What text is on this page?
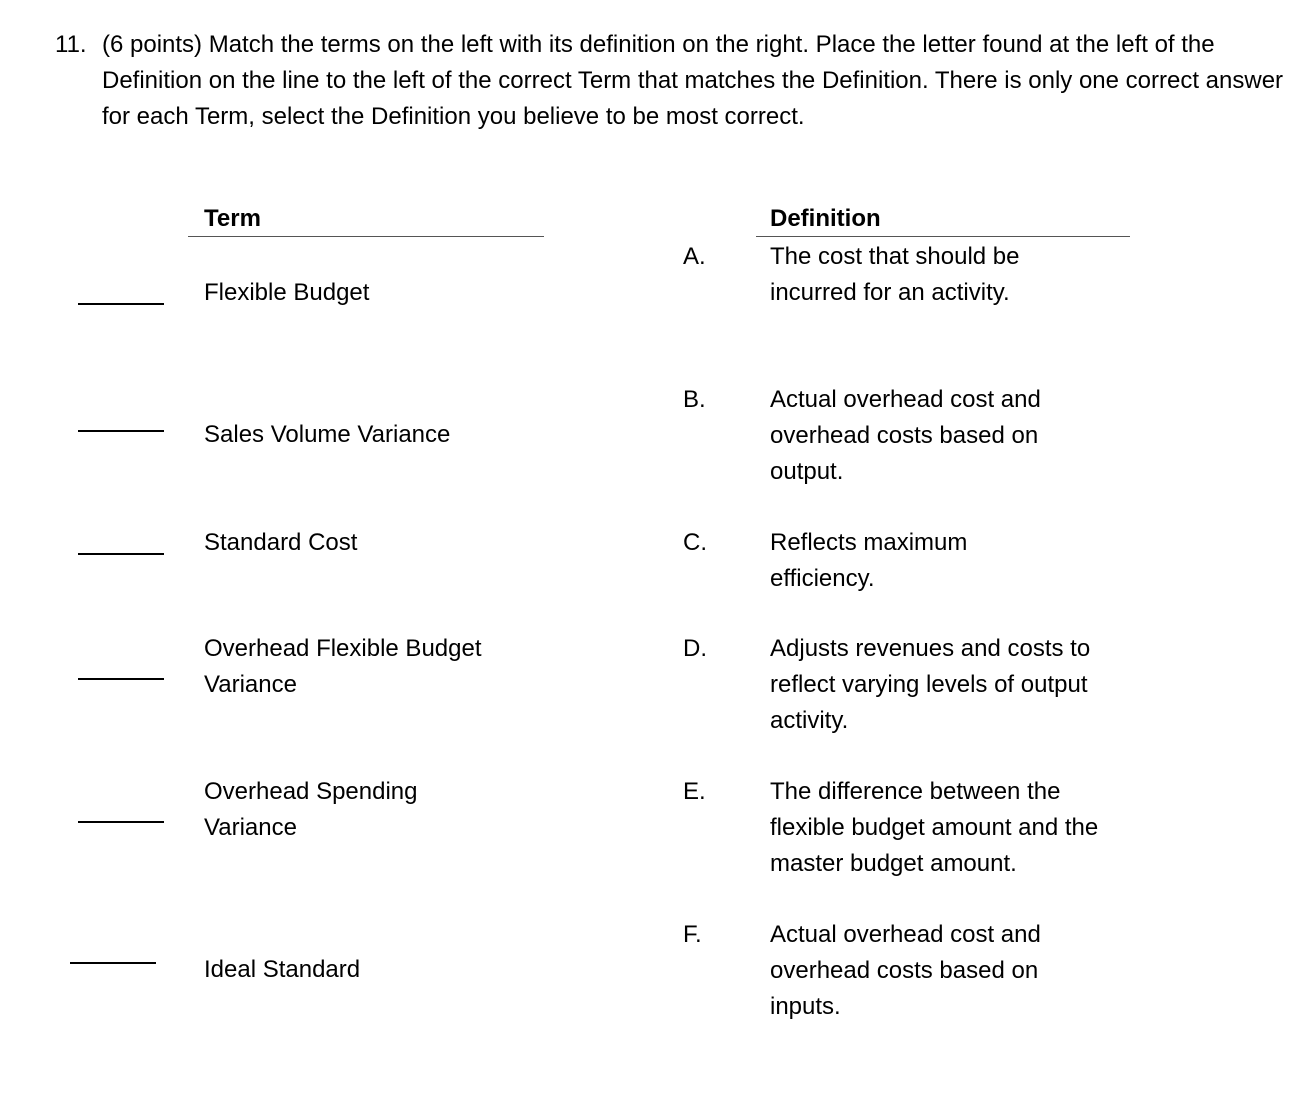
11. (6 points) Match the terms on the left with its definition on the right. Place the letter found at the left of the Definition on the line to the left of the correct Term that matches the Definition. There is only one correct answer for each Term, select the Definition you believe to be most correct.
Term	Definition
Flexible Budget
Sales Volume Variance
Standard Cost
Overhead Flexible Budget Variance
Overhead Spending Variance
Ideal Standard
A.
B.
C.
D.
E.
F.
The cost that should be incurred for an activity.
Actual overhead cost and overhead costs based on output.
Reflects maximum efficiency.
Adjusts revenues and costs to reflect varying levels of output activity.
The difference between the flexible budget amount and the master budget amount.
Actual overhead cost and overhead costs based on inputs.
